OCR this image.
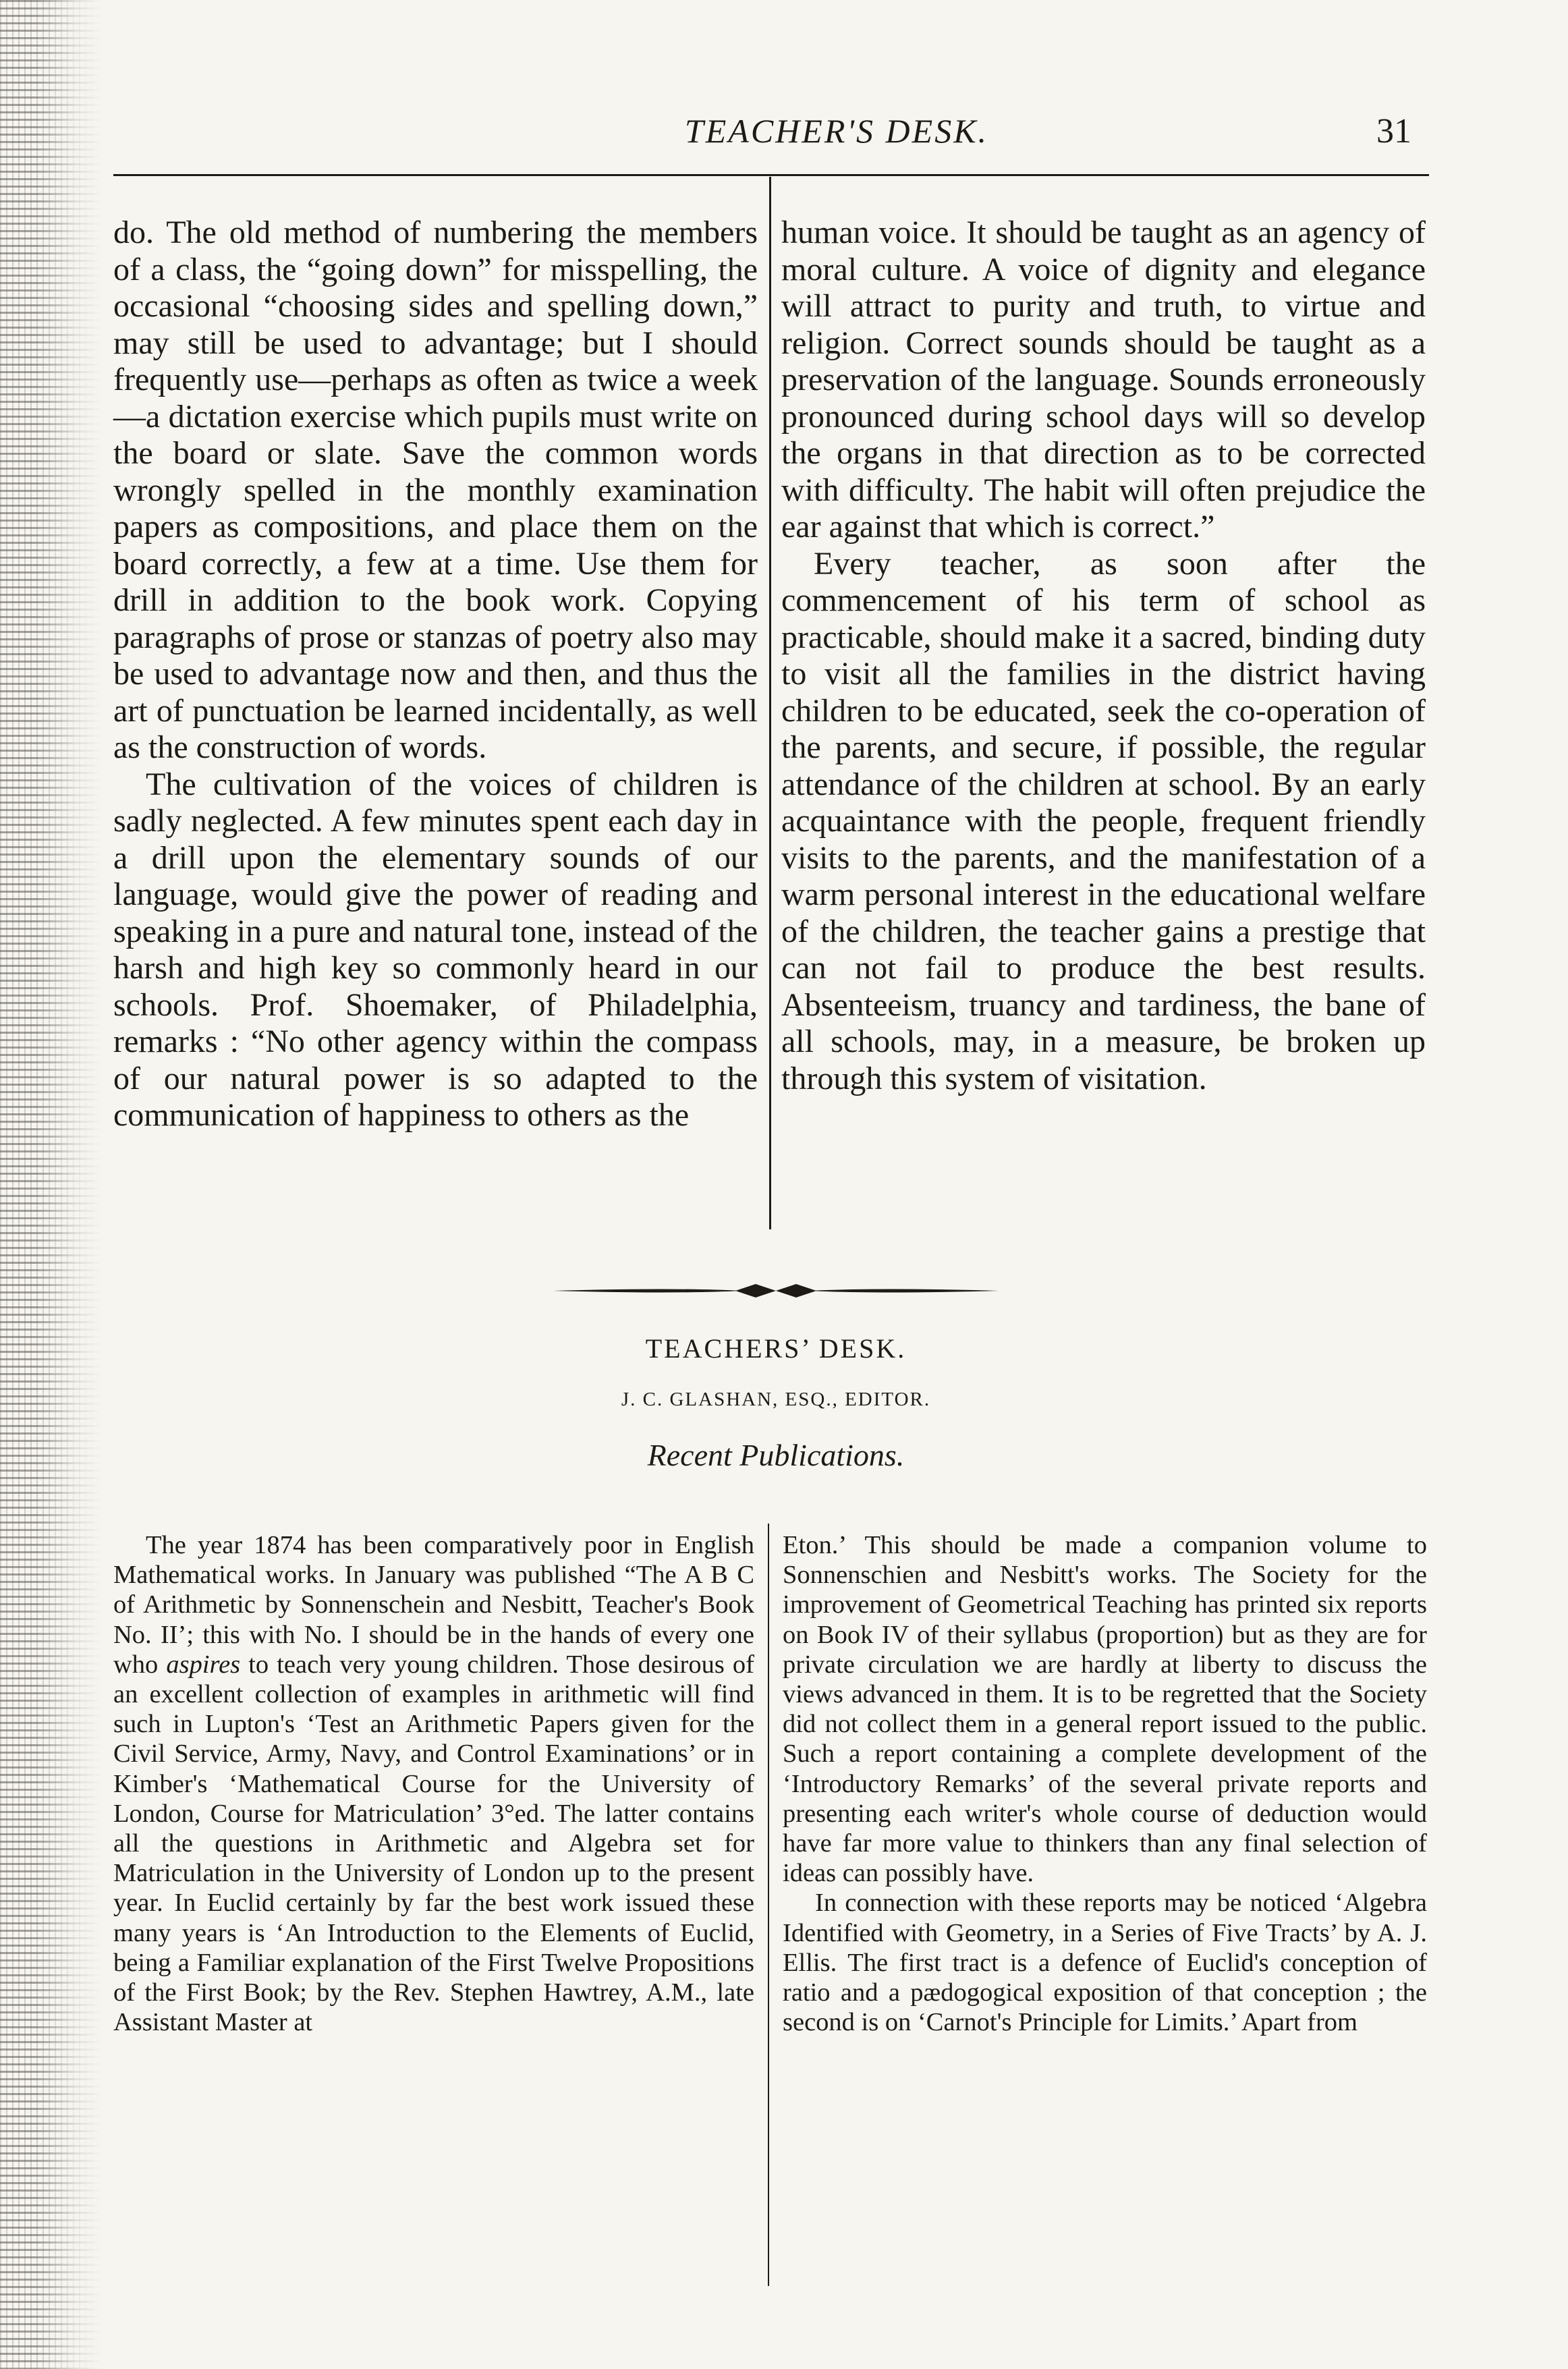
TEACHER'S DESK.	31

do. The old method of numbering the members of a class, the “going down” for misspelling, the occasional “choosing sides and spelling down,” may still be used to advantage; but I should frequently use—perhaps as often as twice a week—a dictation exercise which pupils must write on the board or slate. Save the common words wrongly spelled in the monthly examination papers as compositions, and place them on the board correctly, a few at a time. Use them for drill in addition to the book work. Copying paragraphs of prose or stanzas of poetry also may be used to advantage now and then, and thus the art of punctuation be learned incidentally, as well as the construction of words.

The cultivation of the voices of children is sadly neglected. A few minutes spent each day in a drill upon the elementary sounds of our language, would give the power of reading and speaking in a pure and natural tone, instead of the harsh and high key so commonly heard in our schools. Prof. Shoemaker, of Philadelphia, remarks : “No other agency within the compass of our natural power is so adapted to the communication of happiness to others as the

human voice. It should be taught as an agency of moral culture. A voice of dignity and elegance will attract to purity and truth, to virtue and religion. Correct sounds should be taught as a preservation of the language. Sounds erroneously pronounced during school days will so develop the organs in that direction as to be corrected with difficulty. The habit will often prejudice the ear against that which is correct.”

Every teacher, as soon after the commencement of his term of school as practicable, should make it a sacred, binding duty to visit all the families in the district having children to be educated, seek the co-operation of the parents, and secure, if possible, the regular attendance of the children at school. By an early acquaintance with the people, frequent friendly visits to the parents, and the manifestation of a warm personal interest in the educational welfare of the children, the teacher gains a prestige that can not fail to produce the best results. Absenteeism, truancy and tardiness, the bane of all schools, may, in a measure, be broken up through this system of visitation.

TEACHERS’ DESK.
J. C. GLASHAN, ESQ., EDITOR.
Recent Publications.

The year 1874 has been comparatively poor in English Mathematical works. In January was published “The A B C of Arithmetic by Sonnenschein and Nesbitt, Teacher's Book No. II’; this with No. I should be in the hands of every one who aspires to teach very young children. Those desirous of an excellent collection of examples in arithmetic will find such in Lupton's ‘Test an Arithmetic Papers given for the Civil Service, Army, Navy, and Control Examinations’ or in Kimber's ‘Mathematical Course for the University of London, Course for Matriculation’ 3°ed. The latter contains all the questions in Arithmetic and Algebra set for Matriculation in the University of London up to the present year. In Euclid certainly by far the best work issued these many years is ‘An Introduction to the Elements of Euclid, being a Familiar explanation of the First Twelve Propositions of the First Book; by the Rev. Stephen Hawtrey, A.M., late Assistant Master at

Eton.’ This should be made a companion volume to Sonnenschien and Nesbitt's works. The Society for the improvement of Geometrical Teaching has printed six reports on Book IV of their syllabus (proportion) but as they are for private circulation we are hardly at liberty to discuss the views advanced in them. It is to be regretted that the Society did not collect them in a general report issued to the public. Such a report containing a complete development of the ‘Introductory Remarks’ of the several private reports and presenting each writer's whole course of deduction would have far more value to thinkers than any final selection of ideas can possibly have.

In connection with these reports may be noticed ‘Algebra Identified with Geometry, in a Series of Five Tracts’ by A. J. Ellis. The first tract is a defence of Euclid's conception of ratio and a pædogogical exposition of that conception ; the second is on ‘Carnot's Principle for Limits.’ Apart from
